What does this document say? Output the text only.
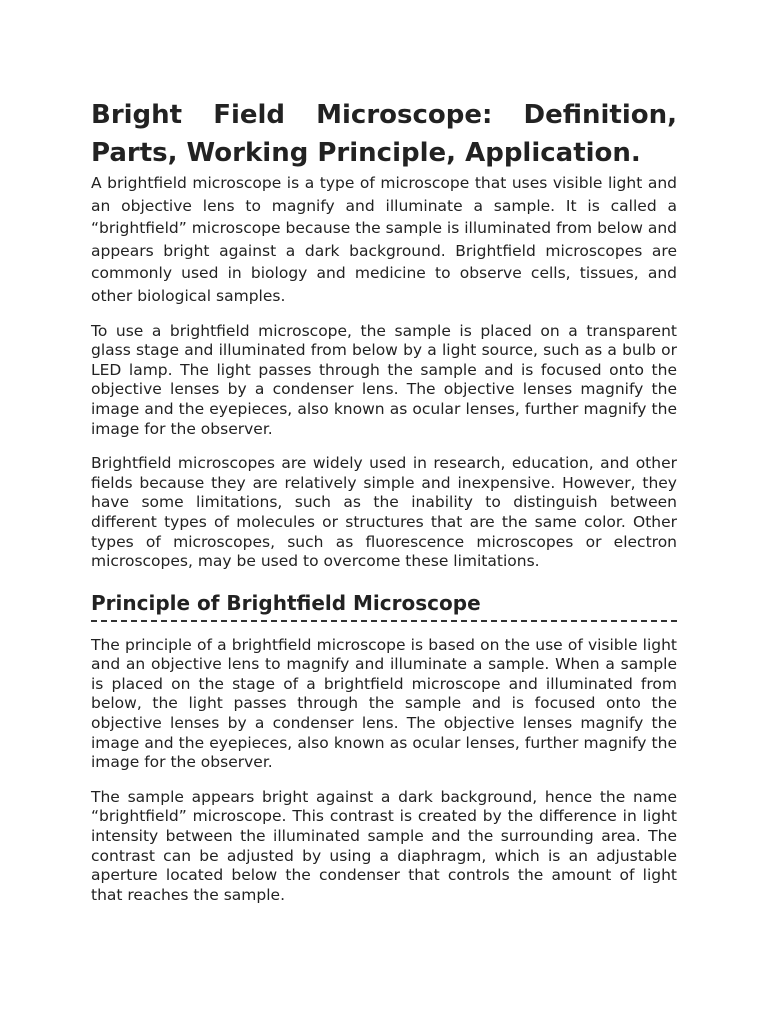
Bright Field Microscope: Definition, Parts, Working Principle, Application.

A brightfield microscope is a type of microscope that uses visible light and an objective lens to magnify and illuminate a sample. It is called a “brightfield” microscope because the sample is illuminated from below and appears bright against a dark background. Brightfield microscopes are commonly used in biology and medicine to observe cells, tissues, and other biological samples.

To use a brightfield microscope, the sample is placed on a transparent glass stage and illuminated from below by a light source, such as a bulb or LED lamp. The light passes through the sample and is focused onto the objective lenses by a condenser lens. The objective lenses magnify the image and the eyepieces, also known as ocular lenses, further magnify the image for the observer.

Brightfield microscopes are widely used in research, education, and other fields because they are relatively simple and inexpensive. However, they have some limitations, such as the inability to distinguish between different types of molecules or structures that are the same color. Other types of microscopes, such as fluorescence microscopes or electron microscopes, may be used to overcome these limitations.

Principle of Brightfield Microscope

The principle of a brightfield microscope is based on the use of visible light and an objective lens to magnify and illuminate a sample. When a sample is placed on the stage of a brightfield microscope and illuminated from below, the light passes through the sample and is focused onto the objective lenses by a condenser lens. The objective lenses magnify the image and the eyepieces, also known as ocular lenses, further magnify the image for the observer.

The sample appears bright against a dark background, hence the name “brightfield” microscope. This contrast is created by the difference in light intensity between the illuminated sample and the surrounding area. The contrast can be adjusted by using a diaphragm, which is an adjustable aperture located below the condenser that controls the amount of light that reaches the sample.
